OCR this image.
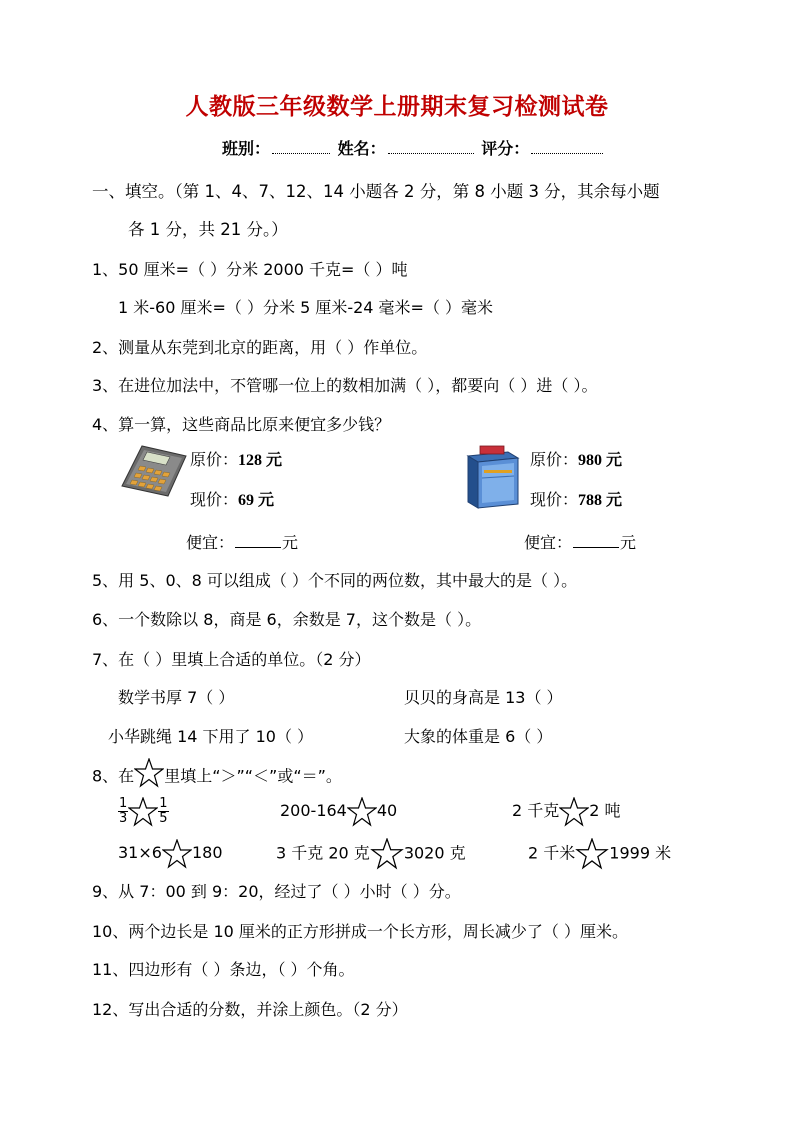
人教版三年级数学上册期末复习检测试卷
班别：	姓名：	评分：
一、填空。（第 1、4、7、12、14 小题各 2 分，第 8 小题 3 分，其余每小题
各 1 分，共 21 分。）
1、50 厘米=（ ）分米 2000 千克=（ ）吨
1 米-60 厘米=（ ）分米 5 厘米-24 毫米=（ ）毫米
2、测量从东莞到北京的距离，用（ ）作单位。
3、在进位加法中，不管哪一位上的数相加满（ ），都要向（ ）进（ ）。
4、算一算，这些商品比原来便宜多少钱？
原价：128 元
现价：69 元
便宜：	元
原价：980 元
现价：788 元
便宜：	元
5、用 5、0、8 可以组成（ ）个不同的两位数，其中最大的是（ ）。
6、一个数除以 8，商是 6，余数是 7，这个数是（ ）。
7、在（ ）里填上合适的单位。（2 分）
数学书厚 7（ ）	贝贝的身高是 13（ ）
小华跳绳 14 下用了 10（ ）	大象的体重是 6（ ）
8、在 里填上“＞”“＜”或“＝”。
$\frac{1}{3} \frac{1}{5}$	200-164 40	2 千克 2 吨
31×6 180	3 千克 20 克 3020 克	2 千米 1999 米
9、从 7：00 到 9：20，经过了（ ）小时（ ）分。
10、两个边长是 10 厘米的正方形拼成一个长方形，周长减少了（ ）厘米。
11、四边形有（ ）条边，（ ）个角。
12、写出合适的分数，并涂上颜色。（2 分）
